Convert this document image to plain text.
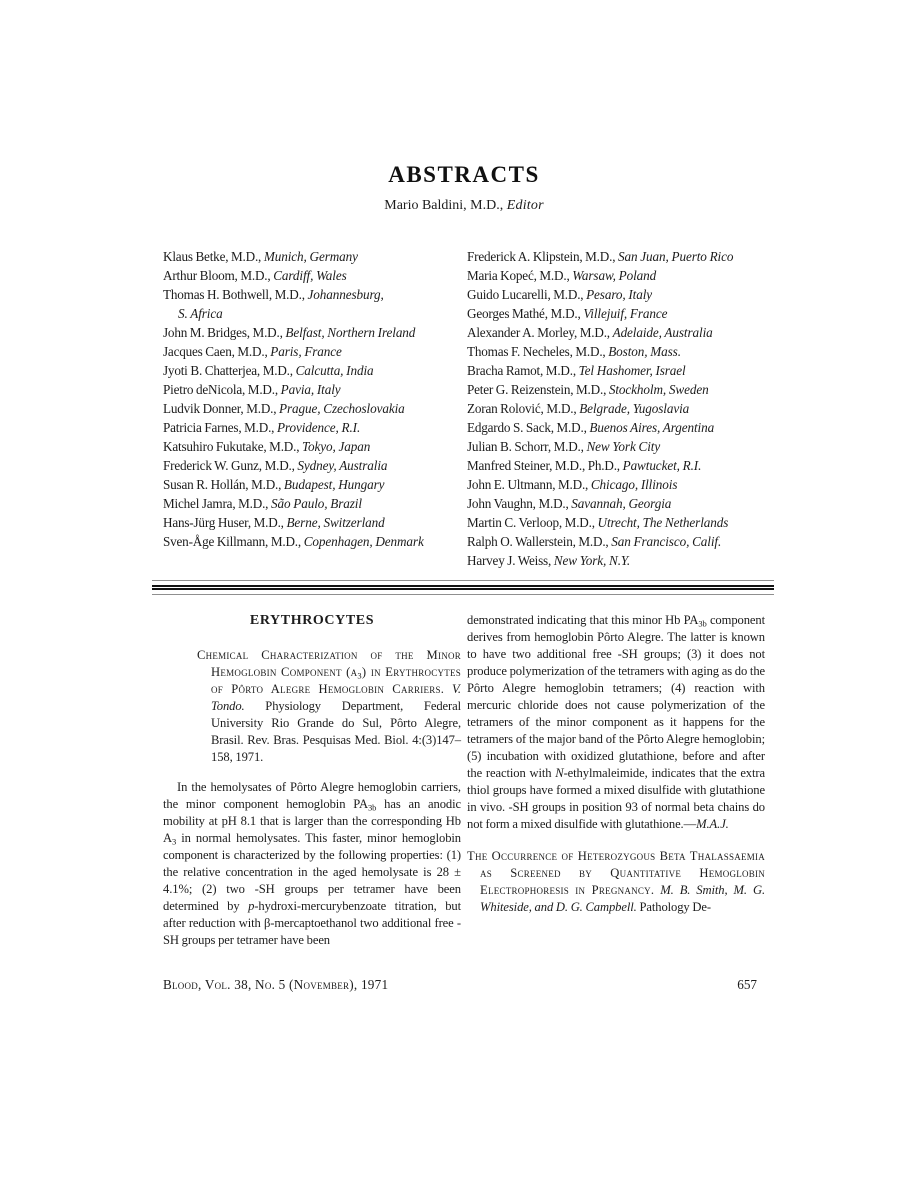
ABSTRACTS
Mario Baldini, M.D., Editor
Klaus Betke, M.D., Munich, Germany
Arthur Bloom, M.D., Cardiff, Wales
Thomas H. Bothwell, M.D., Johannesburg,
S. Africa
John M. Bridges, M.D., Belfast, Northern Ireland
Jacques Caen, M.D., Paris, France
Jyoti B. Chatterjea, M.D., Calcutta, India
Pietro deNicola, M.D., Pavia, Italy
Ludvik Donner, M.D., Prague, Czechoslovakia
Patricia Farnes, M.D., Providence, R.I.
Katsuhiro Fukutake, M.D., Tokyo, Japan
Frederick W. Gunz, M.D., Sydney, Australia
Susan R. Hollán, M.D., Budapest, Hungary
Michel Jamra, M.D., São Paulo, Brazil
Hans-Jürg Huser, M.D., Berne, Switzerland
Sven-Åge Killmann, M.D., Copenhagen, Denmark
Frederick A. Klipstein, M.D., San Juan, Puerto Rico
Maria Kopeć, M.D., Warsaw, Poland
Guido Lucarelli, M.D., Pesaro, Italy
Georges Mathé, M.D., Villejuif, France
Alexander A. Morley, M.D., Adelaide, Australia
Thomas F. Necheles, M.D., Boston, Mass.
Bracha Ramot, M.D., Tel Hashomer, Israel
Peter G. Reizenstein, M.D., Stockholm, Sweden
Zoran Rolović, M.D., Belgrade, Yugoslavia
Edgardo S. Sack, M.D., Buenos Aires, Argentina
Julian B. Schorr, M.D., New York City
Manfred Steiner, M.D., Ph.D., Pawtucket, R.I.
John E. Ultmann, M.D., Chicago, Illinois
John Vaughn, M.D., Savannah, Georgia
Martin C. Verloop, M.D., Utrecht, The Netherlands
Ralph O. Wallerstein, M.D., San Francisco, Calif.
Harvey J. Weiss, New York, N.Y.
ERYTHROCYTES
Chemical Characterization of the Minor Hemoglobin Component $(a_3)$ in Erythrocytes of Pôrto Alegre Hemoglobin Carriers. V. Tondo. Physiology Department, Federal University Rio Grande do Sul, Pôrto Alegre, Brasil. Rev. Bras. Pesquisas Med. Biol. 4:(3)147–158, 1971.
In the hemolysates of Pôrto Alegre hemoglobin carriers, the minor component hemoglobin $PA_{3b}$ has an anodic mobility at pH 8.1 that is larger than the corresponding Hb $A_3$ in normal hemolysates. This faster, minor hemoglobin component is characterized by the following properties: (1) the relative concentration in the aged hemolysate is 28 ± 4.1%; (2) two -SH groups per tetramer have been determined by p-hydroxi-mercurybenzoate titration, but after reduction with β-mercaptoethanol two additional free -SH groups per tetramer have been
demonstrated indicating that this minor Hb $PA_{3b}$ component derives from hemoglobin Pôrto Alegre. The latter is known to have two additional free -SH groups; (3) it does not produce polymerization of the tetramers with aging as do the Pôrto Alegre hemoglobin tetramers; (4) reaction with mercuric chloride does not cause polymerization of the tetramers of the minor component as it happens for the tetramers of the major band of the Pôrto Alegre hemoglobin; (5) incubation with oxidized glutathione, before and after the reaction with N-ethylmaleimide, indicates that the extra thiol groups have formed a mixed disulfide with glutathione in vivo. -SH groups in position 93 of normal beta chains do not form a mixed disulfide with glutathione.—M.A.J.
The Occurrence of Heterozygous Beta Thalassaemia as Screened by Quantitative Hemoglobin Electrophoresis in Pregnancy. M. B. Smith, M. G. Whiteside, and D. G. Campbell. Pathology De-
Blood, Vol. 38, No. 5 (November), 1971	657
